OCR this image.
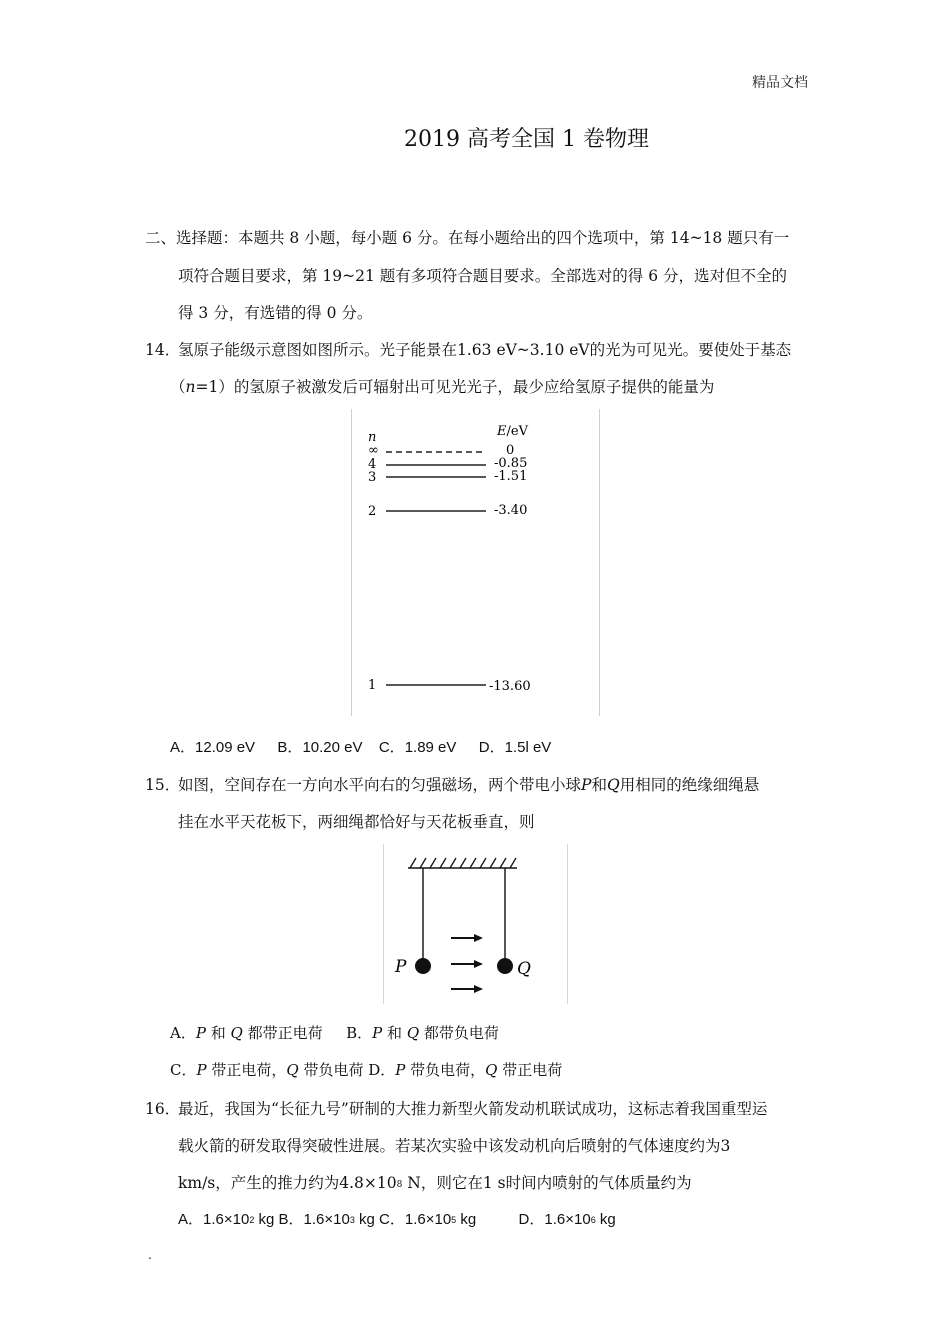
精品文档
2019 高考全国 1 卷物理
二、选择题：本题共 8 小题，每小题 6 分。在每小题给出的四个选项中，第 14~18 题只有一
项符合题目要求，第 19~21 题有多项符合题目要求。全部选对的得 6 分，选对但不全的
得 3 分，有选错的得 0 分。
14．
氢原子能级示意图如图所示。光子能景在1.63 eV~3.10 eV的光为可见光。要使处于基态
（n=1）的氢原子被激发后可辐射出可见光光子，最少应给氢原子提供的能量为
n	E/eV
∞	0
4	-0.85
3	-1.51
2	-3.40
1	-13.60
A．12.09 eV B．10.20 eV C．1.89 eV D．1.5l eV
15．
如图，空间存在一方向水平向右的匀强磁场，两个带电小球P和Q用相同的绝缘细绳悬
挂在水平天花板下，两细绳都恰好与天花板垂直，则
P	Q
A．P 和 Q 都带正电荷 B．P 和 Q 都带负电荷
C．P 带正电荷，Q 带负电荷 D．P 带负电荷，Q 带正电荷
16．
最近，我国为“长征九号”研制的大推力新型火箭发动机联试成功，这标志着我国重型运
载火箭的研发取得突破性进展。若某次实验中该发动机向后喷射的气体速度约为3
km/s，产生的推力约为$4.8\times 10^8$ N，则它在1 s时间内喷射的气体质量约为
A．$1.6\times 10^2$ kg B．$1.6\times 10^3$ kg C．$1.6\times 10^5$ kg	D．$1.6\times 10^6$ kg
.
